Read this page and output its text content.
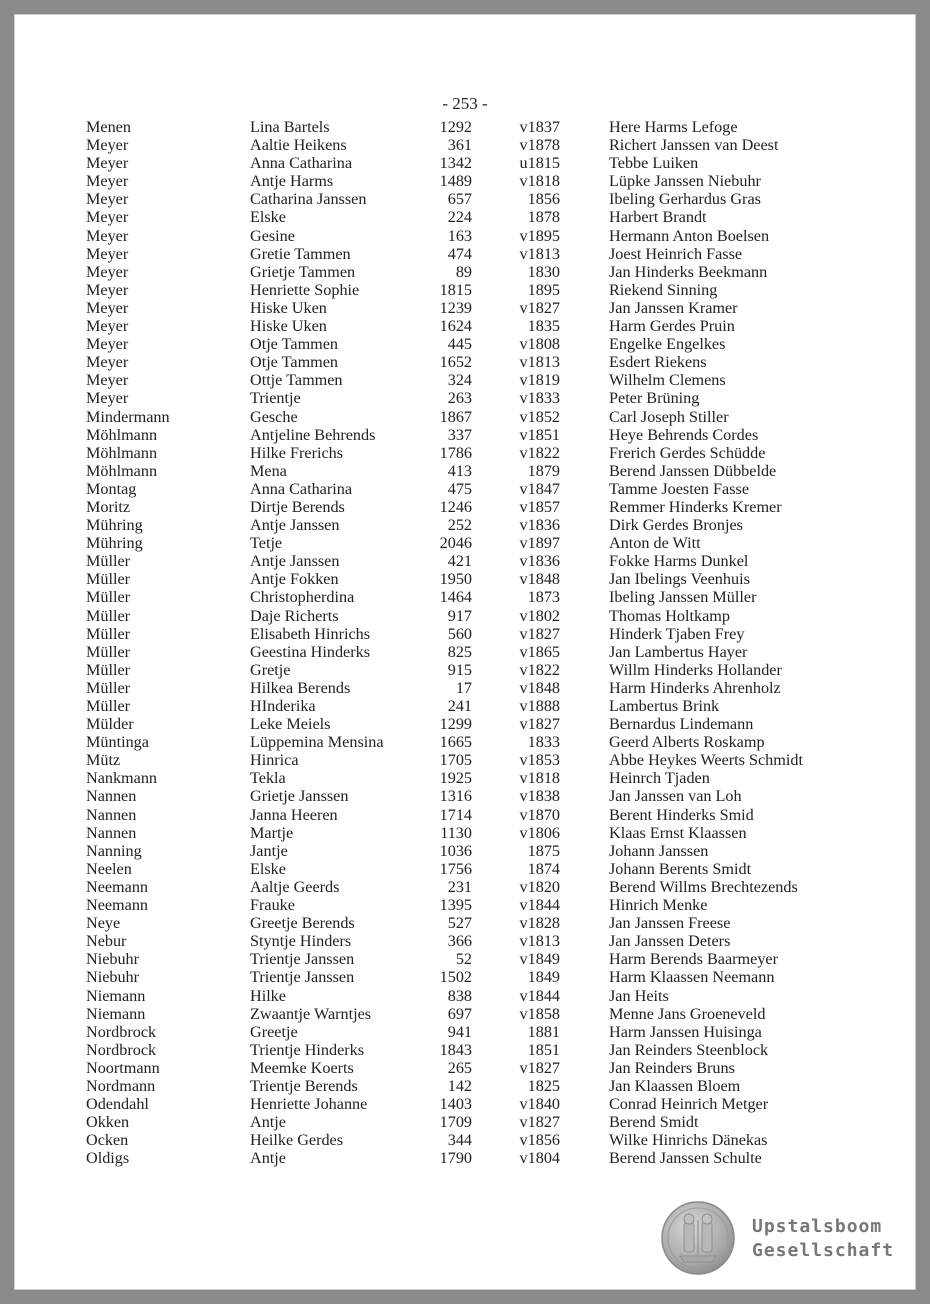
- 253 -
Menen	Lina Bartels	1292	v1837	Here Harms Lefoge
Meyer	Aaltie Heikens	361	v1878	Richert Janssen van Deest
Meyer	Anna Catharina	1342	u1815	Tebbe Luiken
Meyer	Antje Harms	1489	v1818	Lüpke Janssen Niebuhr
Meyer	Catharina Janssen	657	1856	Ibeling Gerhardus Gras
Meyer	Elske	224	1878	Harbert Brandt
Meyer	Gesine	163	v1895	Hermann Anton Boelsen
Meyer	Gretie Tammen	474	v1813	Joest Heinrich Fasse
Meyer	Grietje Tammen	89	1830	Jan Hinderks Beekmann
Meyer	Henriette Sophie	1815	1895	Riekend Sinning
Meyer	Hiske Uken	1239	v1827	Jan Janssen Kramer
Meyer	Hiske Uken	1624	1835	Harm Gerdes Pruin
Meyer	Otje Tammen	445	v1808	Engelke Engelkes
Meyer	Otje Tammen	1652	v1813	Esdert Riekens
Meyer	Ottje Tammen	324	v1819	Wilhelm Clemens
Meyer	Trientje	263	v1833	Peter Brüning
Mindermann	Gesche	1867	v1852	Carl Joseph Stiller
Möhlmann	Antjeline Behrends	337	v1851	Heye Behrends Cordes
Möhlmann	Hilke Frerichs	1786	v1822	Frerich Gerdes Schüdde
Möhlmann	Mena	413	1879	Berend Janssen Dübbelde
Montag	Anna Catharina	475	v1847	Tamme Joesten Fasse
Moritz	Dirtje Berends	1246	v1857	Remmer Hinderks Kremer
Mühring	Antje Janssen	252	v1836	Dirk Gerdes Bronjes
Mühring	Tetje	2046	v1897	Anton de Witt
Müller	Antje Janssen	421	v1836	Fokke Harms Dunkel
Müller	Antje Fokken	1950	v1848	Jan Ibelings Veenhuis
Müller	Christopherdina	1464	1873	Ibeling Janssen Müller
Müller	Daje Richerts	917	v1802	Thomas Holtkamp
Müller	Elisabeth Hinrichs	560	v1827	Hinderk Tjaben Frey
Müller	Geestina Hinderks	825	v1865	Jan Lambertus Hayer
Müller	Gretje	915	v1822	Willm Hinderks Hollander
Müller	Hilkea Berends	17	v1848	Harm Hinderks Ahrenholz
Müller	HInderika	241	v1888	Lambertus Brink
Mülder	Leke Meiels	1299	v1827	Bernardus Lindemann
Müntinga	Lüppemina Mensina	1665	1833	Geerd Alberts Roskamp
Mütz	Hinrica	1705	v1853	Abbe Heykes Weerts Schmidt
Nankmann	Tekla	1925	v1818	Heinrch Tjaden
Nannen	Grietje Janssen	1316	v1838	Jan Janssen van Loh
Nannen	Janna Heeren	1714	v1870	Berent Hinderks Smid
Nannen	Martje	1130	v1806	Klaas Ernst Klaassen
Nanning	Jantje	1036	1875	Johann Janssen
Neelen	Elske	1756	1874	Johann Berents Smidt
Neemann	Aaltje Geerds	231	v1820	Berend Willms Brechtezends
Neemann	Frauke	1395	v1844	Hinrich Menke
Neye	Greetje Berends	527	v1828	Jan Janssen Freese
Nebur	Styntje Hinders	366	v1813	Jan Janssen Deters
Niebuhr	Trientje Janssen	52	v1849	Harm Berends Baarmeyer
Niebuhr	Trientje Janssen	1502	1849	Harm Klaassen Neemann
Niemann	Hilke	838	v1844	Jan Heits
Niemann	Zwaantje Warntjes	697	v1858	Menne Jans Groeneveld
Nordbrock	Greetje	941	1881	Harm Janssen Huisinga
Nordbrock	Trientje Hinderks	1843	1851	Jan Reinders Steenblock
Noortmann	Meemke Koerts	265	v1827	Jan Reinders Bruns
Nordmann	Trientje Berends	142	1825	Jan Klaassen Bloem
Odendahl	Henriette Johanne	1403	v1840	Conrad Heinrich Metger
Okken	Antje	1709	v1827	Berend Smidt
Ocken	Heilke Gerdes	344	v1856	Wilke Hinrichs Dänekas
Oldigs	Antje	1790	v1804	Berend Janssen Schulte
Upstalsboom
Gesellschaft
